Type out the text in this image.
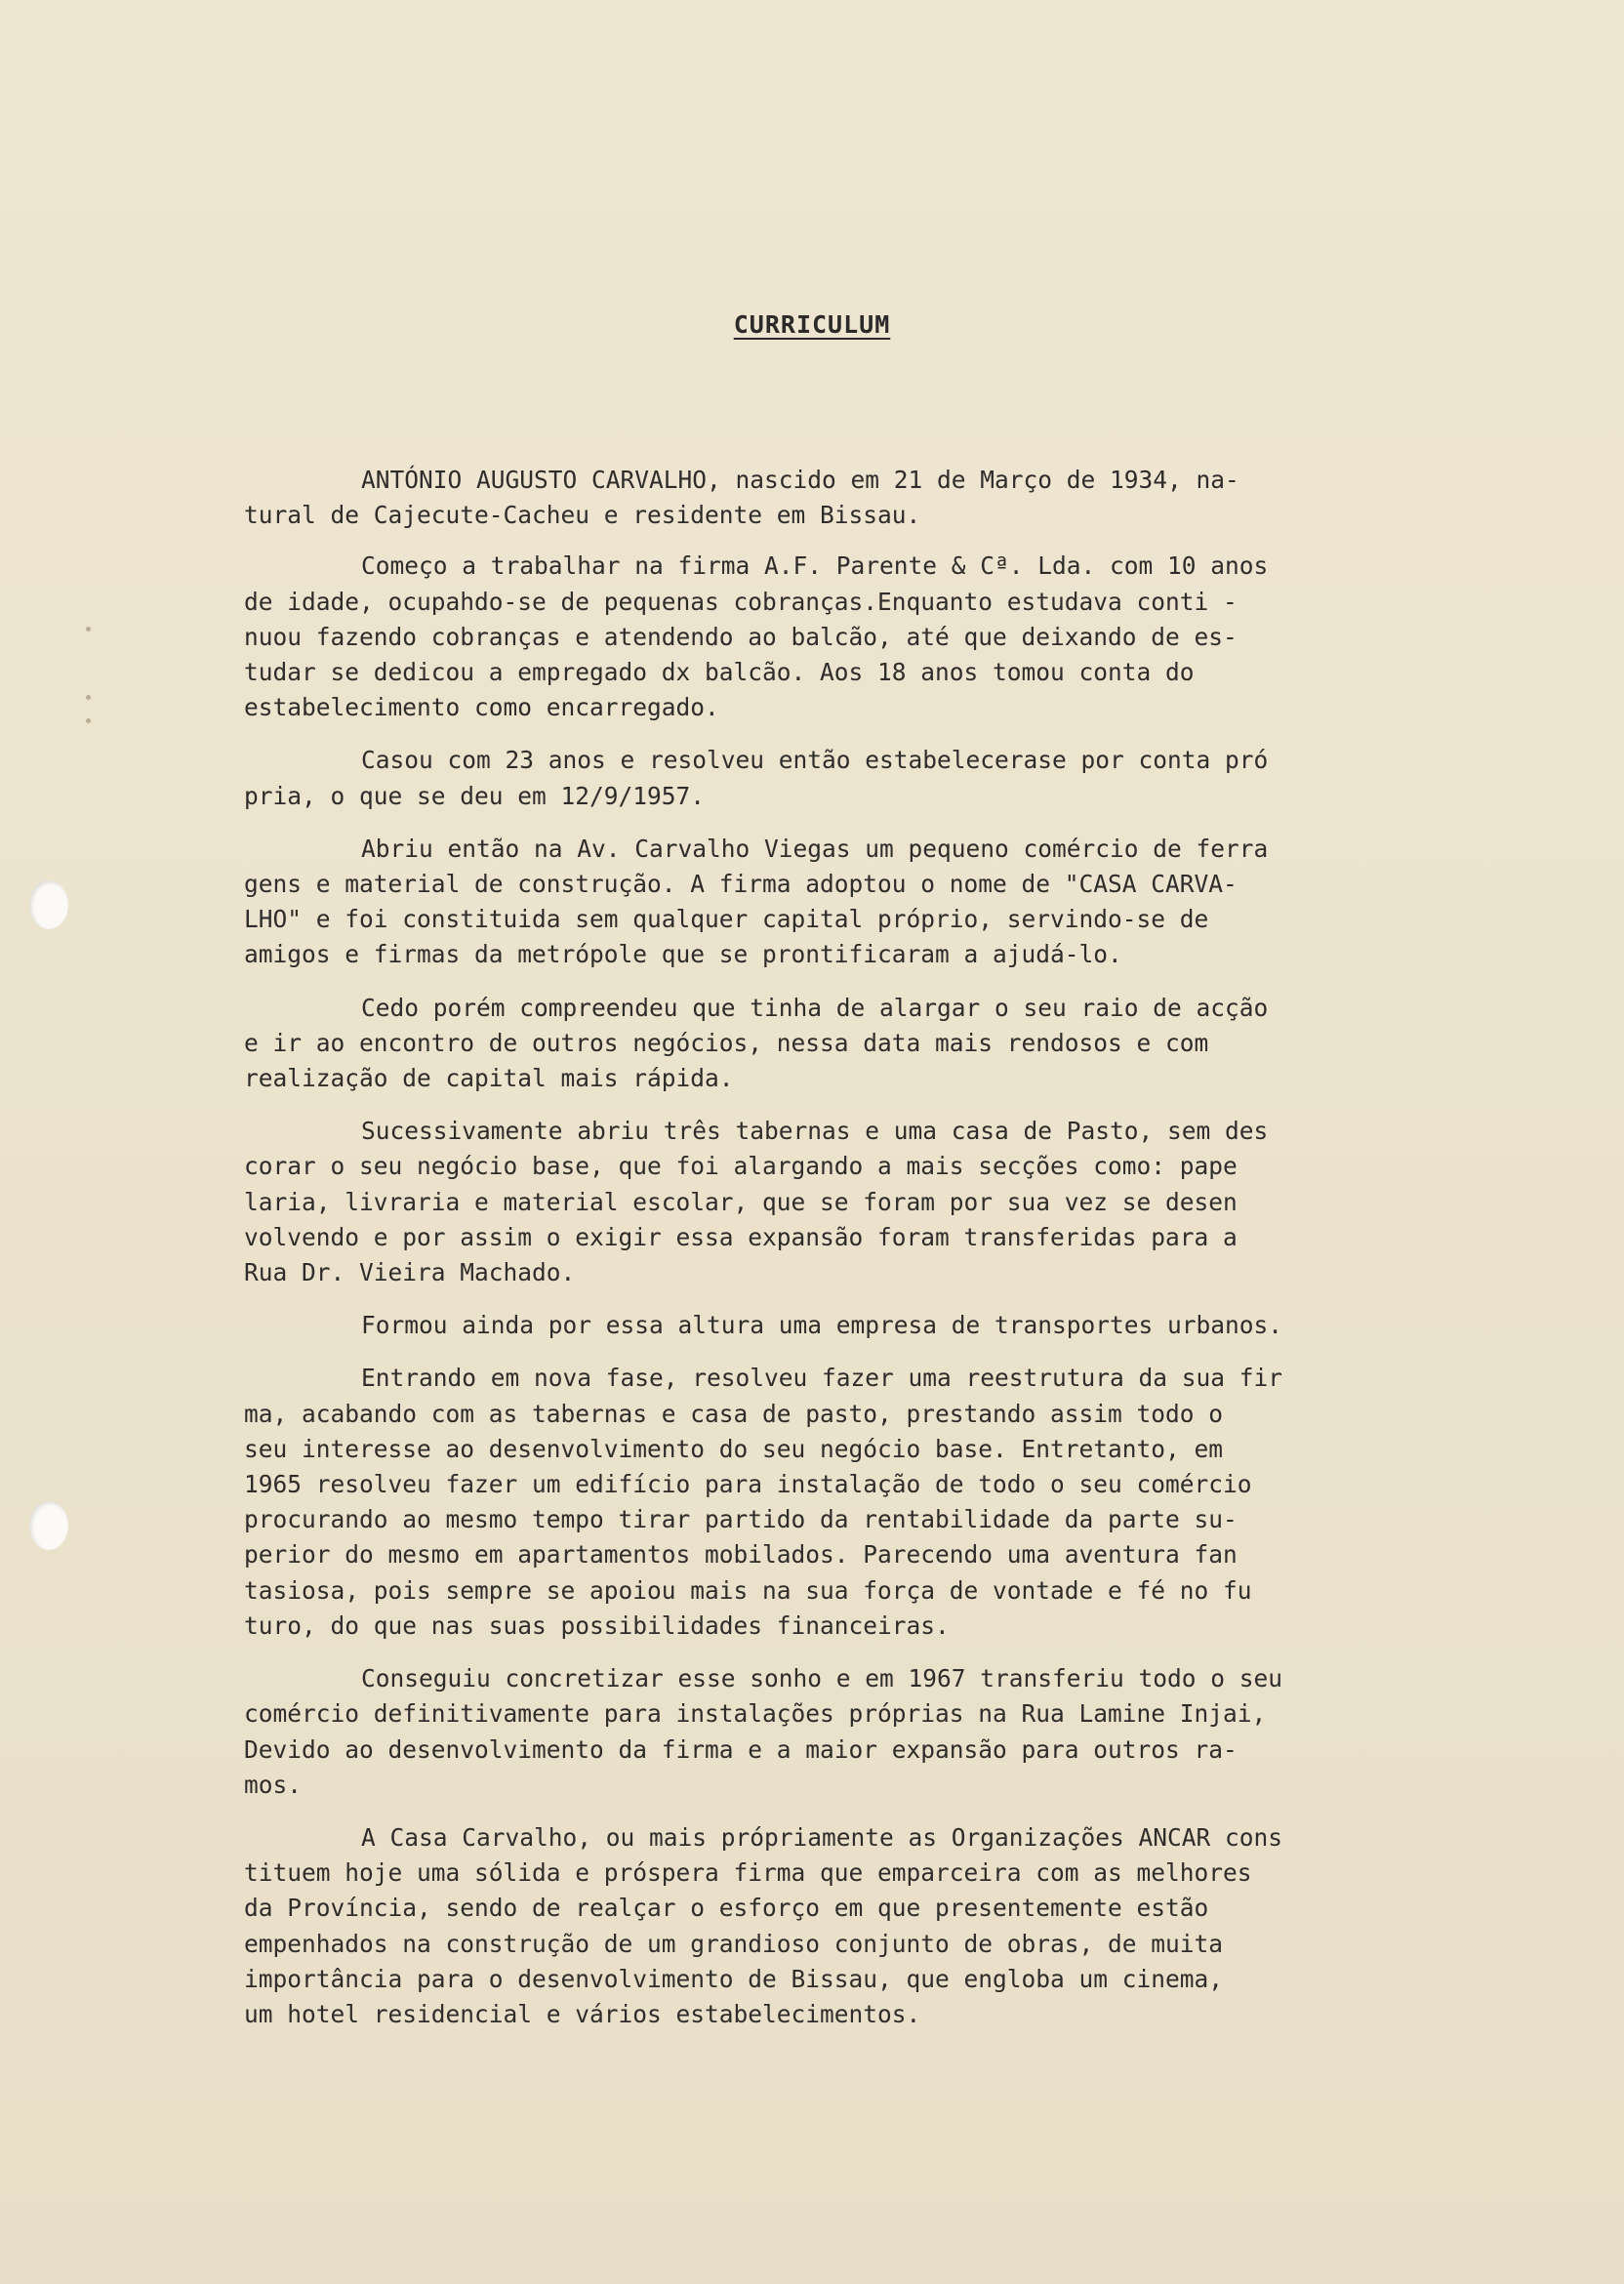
CURRICULUM
ANTÓNIO AUGUSTO CARVALHO, nascido em 21 de Março de 1934, na-
tural de Cajecute-Cacheu e residente em Bissau.
Começo a trabalhar na firma A.F. Parente & Cª. Lda. com 10 anos
de idade, ocupahdo-se de pequenas cobranças.Enquanto estudava conti -
nuou fazendo cobranças e atendendo ao balcão, até que deixando de es-
tudar se dedicou a empregado dx balcão. Aos 18 anos tomou conta do
estabelecimento como encarregado.
Casou com 23 anos e resolveu então estabelecerase por conta pró
pria, o que se deu em 12/9/1957.
Abriu então na Av. Carvalho Viegas um pequeno comércio de ferra
gens e material de construção. A firma adoptou o nome de "CASA CARVA-
LHO" e foi constituida sem qualquer capital próprio, servindo-se de
amigos e firmas da metrópole que se prontificaram a ajudá-lo.
Cedo porém compreendeu que tinha de alargar o seu raio de acção
e ir ao encontro de outros negócios, nessa data mais rendosos e com
realização de capital mais rápida.
Sucessivamente abriu três tabernas e uma casa de Pasto, sem des
corar o seu negócio base, que foi alargando a mais secções como: pape
laria, livraria e material escolar, que se foram por sua vez se desen
volvendo e por assim o exigir essa expansão foram transferidas para a
Rua Dr. Vieira Machado.
Formou ainda por essa altura uma empresa de transportes urbanos.
Entrando em nova fase, resolveu fazer uma reestrutura da sua fir
ma, acabando com as tabernas e casa de pasto, prestando assim todo o
seu interesse ao desenvolvimento do seu negócio base. Entretanto, em
1965 resolveu fazer um edifício para instalação de todo o seu comércio
procurando ao mesmo tempo tirar partido da rentabilidade da parte su-
perior do mesmo em apartamentos mobilados. Parecendo uma aventura fan
tasiosa, pois sempre se apoiou mais na sua força de vontade e fé no fu
turo, do que nas suas possibilidades financeiras.
Conseguiu concretizar esse sonho e em 1967 transferiu todo o seu
comércio definitivamente para instalações próprias na Rua Lamine Injai,
Devido ao desenvolvimento da firma e a maior expansão para outros ra-
mos.
A Casa Carvalho, ou mais própriamente as Organizações ANCAR cons
tituem hoje uma sólida e próspera firma que emparceira com as melhores
da Província, sendo de realçar o esforço em que presentemente estão
empenhados na construção de um grandioso conjunto de obras, de muita
importância para o desenvolvimento de Bissau, que engloba um cinema,
um hotel residencial e vários estabelecimentos.
